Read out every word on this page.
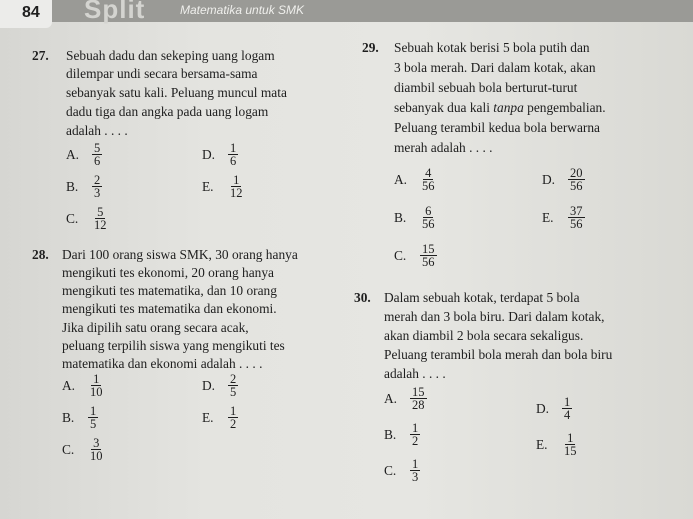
84	Split	Matematika untuk SMK
27. Sebuah dadu dan sekeping uang logam
dilempar undi secara bersama-sama
sebanyak satu kali. Peluang muncul mata
dadu tiga dan angka pada uang logam
adalah . . . .
A.	$\frac{5}{6}$
B.	$\frac{2}{3}$
C.	$\frac{5}{12}$
D.	$\frac{1}{6}$
E.	$\frac{1}{12}$
28. Dari 100 orang siswa SMK, 30 orang hanya
mengikuti tes ekonomi, 20 orang hanya
mengikuti tes matematika, dan 10 orang
mengikuti tes matematika dan ekonomi.
Jika dipilih satu orang secara acak,
peluang terpilih siswa yang mengikuti tes
matematika dan ekonomi adalah . . . .
A.	$\frac{1}{10}$
B.	$\frac{1}{5}$
C.	$\frac{3}{10}$
D.	$\frac{2}{5}$
E.	$\frac{1}{2}$
29. Sebuah kotak berisi 5 bola putih dan
3 bola merah. Dari dalam kotak, akan
diambil sebuah bola berturut-turut
sebanyak dua kali tanpa pengembalian.
Peluang terambil kedua bola berwarna
merah adalah . . . .
A.	$\frac{4}{56}$
B.	$\frac{6}{56}$
C.	$\frac{15}{56}$
D.	$\frac{20}{56}$
E.	$\frac{37}{56}$
30. Dalam sebuah kotak, terdapat 5 bola
merah dan 3 bola biru. Dari dalam kotak,
akan diambil 2 bola secara sekaligus.
Peluang terambil bola merah dan bola biru
adalah . . . .
A.	$\frac{15}{28}$
B.	$\frac{1}{2}$
C.	$\frac{1}{3}$
D.	$\frac{1}{4}$
E.	$\frac{1}{15}$
